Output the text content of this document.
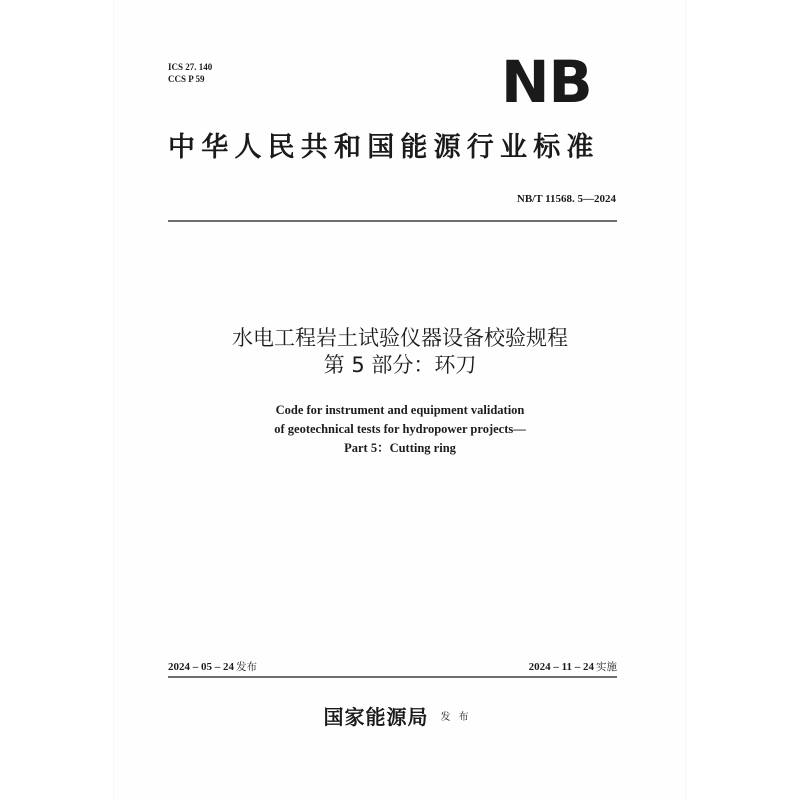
ICS 27. 140
CCS P 59	NB
中华人民共和国能源行业标准
NB/T 11568. 5—2024
水电工程岩土试验仪器设备校验规程
第 5 部分：环刀
Code for instrument and equipment validation
of geotechnical tests for hydropower projects—
Part 5：Cutting ring
2024 – 05 – 24 发布	2024 – 11 – 24 实施
国家能源局 发布
